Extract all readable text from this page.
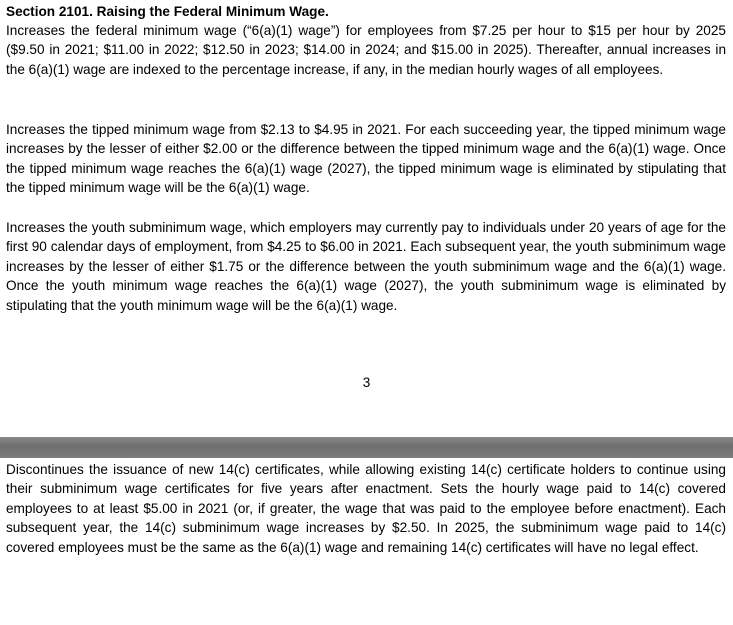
Section 2101. Raising the Federal Minimum Wage.

Increases the federal minimum wage (“6(a)(1) wage”) for employees from $7.25 per hour to $15 per hour by 2025 ($9.50 in 2021; $11.00 in 2022; $12.50 in 2023; $14.00 in 2024; and $15.00 in 2025). Thereafter, annual increases in the 6(a)(1) wage are indexed to the percentage increase, if any, in the median hourly wages of all employees.

Increases the tipped minimum wage from $2.13 to $4.95 in 2021. For each succeeding year, the tipped minimum wage increases by the lesser of either $2.00 or the difference between the tipped minimum wage and the 6(a)(1) wage. Once the tipped minimum wage reaches the 6(a)(1) wage (2027), the tipped minimum wage is eliminated by stipulating that the tipped minimum wage will be the 6(a)(1) wage.

Increases the youth subminimum wage, which employers may currently pay to individuals under 20 years of age for the first 90 calendar days of employment, from $4.25 to $6.00 in 2021. Each subsequent year, the youth subminimum wage increases by the lesser of either $1.75 or the difference between the youth subminimum wage and the 6(a)(1) wage. Once the youth minimum wage reaches the 6(a)(1) wage (2027), the youth subminimum wage is eliminated by stipulating that the youth minimum wage will be the 6(a)(1) wage.

3

Discontinues the issuance of new 14(c) certificates, while allowing existing 14(c) certificate holders to continue using their subminimum wage certificates for five years after enactment. Sets the hourly wage paid to 14(c) covered employees to at least $5.00 in 2021 (or, if greater, the wage that was paid to the employee before enactment). Each subsequent year, the 14(c) subminimum wage increases by $2.50. In 2025, the subminimum wage paid to 14(c) covered employees must be the same as the 6(a)(1) wage and remaining 14(c) certificates will have no legal effect.
